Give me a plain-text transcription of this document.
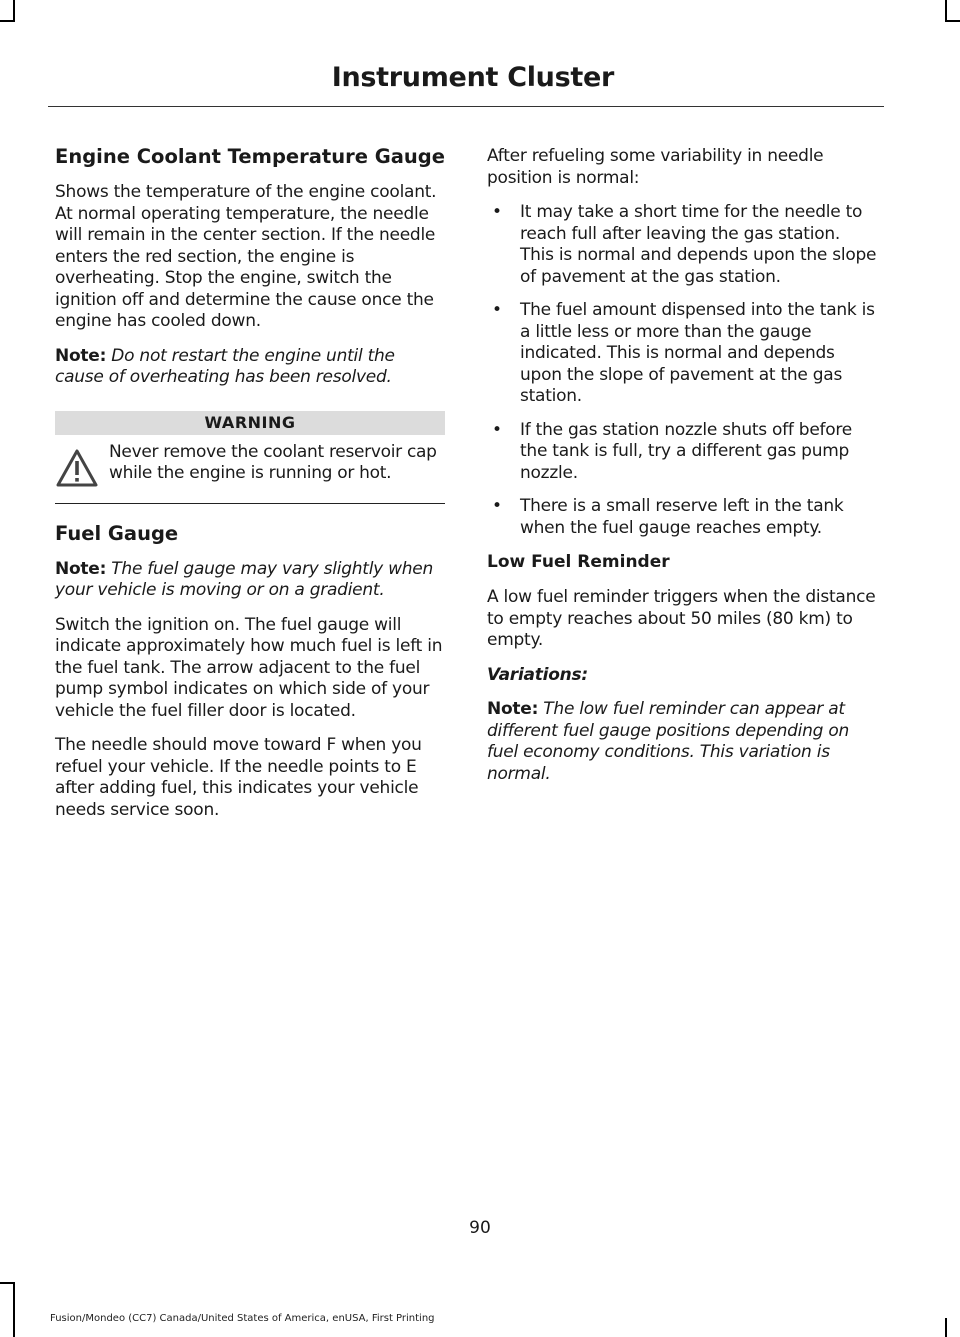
Instrument Cluster
Engine Coolant Temperature Gauge

Shows the temperature of the engine coolant. At normal operating temperature, the needle will remain in the center section. If the needle enters the red section, the engine is overheating. Stop the engine, switch the ignition off and determine the cause once the engine has cooled down.

Note: Do not restart the engine until the cause of overheating has been resolved.

WARNING
Never remove the coolant reservoir cap while the engine is running or hot.
Fuel Gauge

Note: The fuel gauge may vary slightly when your vehicle is moving or on a gradient.

Switch the ignition on. The fuel gauge will indicate approximately how much fuel is left in the fuel tank. The arrow adjacent to the fuel pump symbol indicates on which side of your vehicle the fuel filler door is located.

The needle should move toward F when you refuel your vehicle. If the needle points to E after adding fuel, this indicates your vehicle needs service soon.

After refueling some variability in needle position is normal:

• It may take a short time for the needle to reach full after leaving the gas station. This is normal and depends upon the slope of pavement at the gas station.
• The fuel amount dispensed into the tank is a little less or more than the gauge indicated. This is normal and depends upon the slope of pavement at the gas station.
• If the gas station nozzle shuts off before the tank is full, try a different gas pump nozzle.
• There is a small reserve left in the tank when the fuel gauge reaches empty.
Low Fuel Reminder

A low fuel reminder triggers when the distance to empty reaches about 50 miles (80 km) to empty.

Variations:

Note: The low fuel reminder can appear at different fuel gauge positions depending on fuel economy conditions. This variation is normal.

90
Fusion/Mondeo (CC7) Canada/United States of America, enUSA, First Printing
